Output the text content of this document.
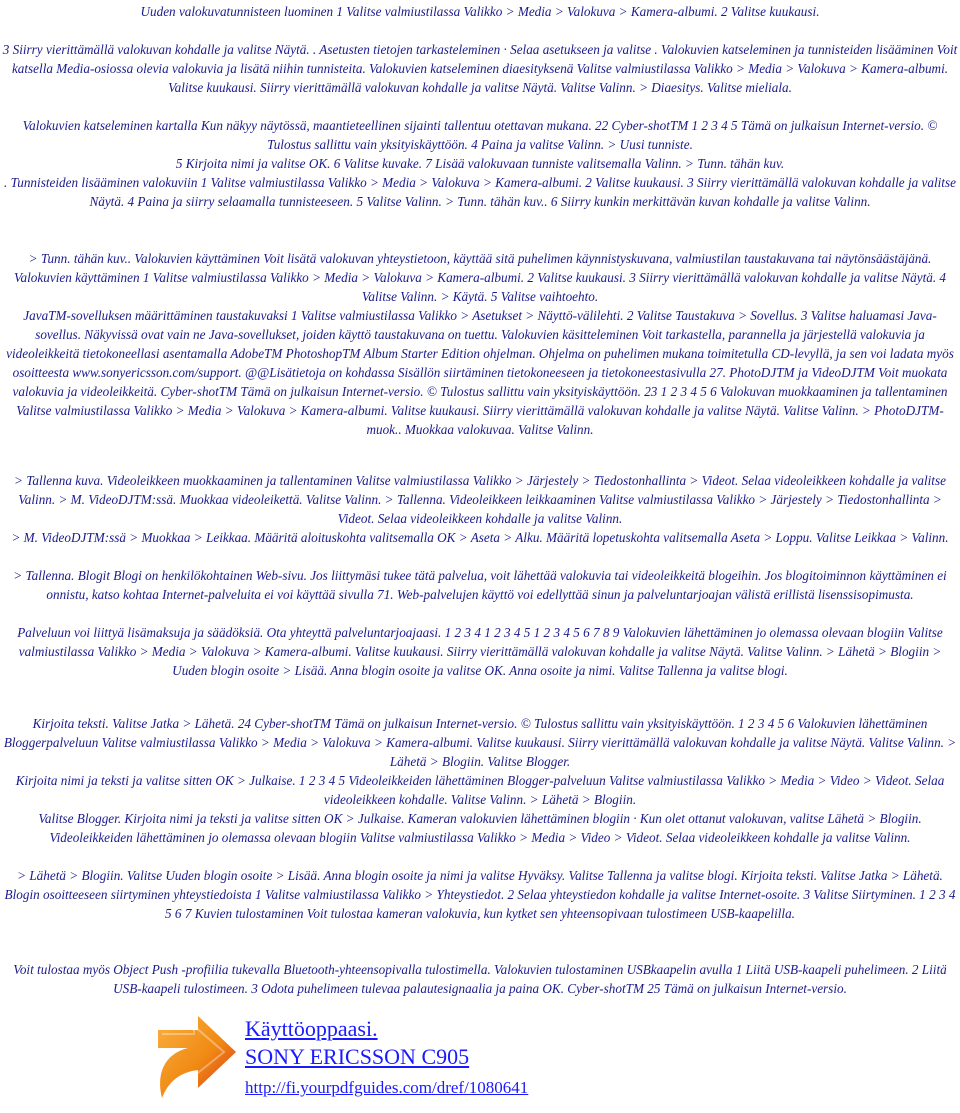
Uuden valokuvatunnisteen luominen 1 Valitse valmiustilassa Valikko > Media > Valokuva > Kamera-albumi. 2 Valitse kuukausi.

3 Siirry vierittämällä valokuvan kohdalle ja valitse Näytä. . Asetusten tietojen tarkasteleminen · Selaa asetukseen ja valitse . Valokuvien katseleminen ja tunnisteiden lisääminen Voit katsella Media-osiossa olevia valokuvia ja lisätä niihin tunnisteita. Valokuvien katseleminen diaesityksenä Valitse valmiustilassa Valikko > Media > Valokuva > Kamera-albumi. Valitse kuukausi. Siirry vierittämällä valokuvan kohdalle ja valitse Näytä. Valitse Valinn. > Diaesitys. Valitse mieliala.

Valokuvien katseleminen kartalla Kun näkyy näytössä, maantieteellinen sijainti tallentuu otettavan mukana. 22 Cyber-shotTM 1 2 3 4 5 Tämä on julkaisun Internet-versio. © Tulostus sallittu vain yksityiskäyttöön. 4 Paina ja valitse Valinn. > Uusi tunniste.

5 Kirjoita nimi ja valitse OK. 6 Valitse kuvake. 7 Lisää valokuvaan tunniste valitsemalla Valinn. > Tunn. tähän kuv.

. Tunnisteiden lisääminen valokuviin 1 Valitse valmiustilassa Valikko > Media > Valokuva > Kamera-albumi. 2 Valitse kuukausi. 3 Siirry vierittämällä valokuvan kohdalle ja valitse Näytä. 4 Paina ja siirry selaamalla tunnisteeseen. 5 Valitse Valinn. > Tunn. tähän kuv.. 6 Siirry kunkin merkittävän kuvan kohdalle ja valitse Valinn.

> Tunn. tähän kuv.. Valokuvien käyttäminen Voit lisätä valokuvan yhteystietoon, käyttää sitä puhelimen käynnistyskuvana, valmiustilan taustakuvana tai näytönsäästäjänä. Valokuvien käyttäminen 1 Valitse valmiustilassa Valikko > Media > Valokuva > Kamera-albumi. 2 Valitse kuukausi. 3 Siirry vierittämällä valokuvan kohdalle ja valitse Näytä. 4 Valitse Valinn. > Käytä. 5 Valitse vaihtoehto.

JavaTM-sovelluksen määrittäminen taustakuvaksi 1 Valitse valmiustilassa Valikko > Asetukset > Näyttö-välilehti. 2 Valitse Taustakuva > Sovellus. 3 Valitse haluamasi Java-sovellus. Näkyvissä ovat vain ne Java-sovellukset, joiden käyttö taustakuvana on tuettu. Valokuvien käsitteleminen Voit tarkastella, parannella ja järjestellä valokuvia ja videoleikkeitä tietokoneellasi asentamalla AdobeTM PhotoshopTM Album Starter Edition ohjelman. Ohjelma on puhelimen mukana toimitetulla CD-levyllä, ja sen voi ladata myös osoitteesta www.sonyericsson.com/support. @@Lisätietoja on kohdassa Sisällön siirtäminen tietokoneeseen ja tietokoneestasivulla 27. PhotoDJTM ja VideoDJTM Voit muokata valokuvia ja videoleikkeitä. Cyber-shotTM Tämä on julkaisun Internet-versio. © Tulostus sallittu vain yksityiskäyttöön. 23 1 2 3 4 5 6 Valokuvan muokkaaminen ja tallentaminen Valitse valmiustilassa Valikko > Media > Valokuva > Kamera-albumi. Valitse kuukausi. Siirry vierittämällä valokuvan kohdalle ja valitse Näytä. Valitse Valinn. > PhotoDJTM-muok.. Muokkaa valokuvaa. Valitse Valinn.

> Tallenna kuva. Videoleikkeen muokkaaminen ja tallentaminen Valitse valmiustilassa Valikko > Järjestely > Tiedostonhallinta > Videot. Selaa videoleikkeen kohdalle ja valitse Valinn. > M. VideoDJTM:ssä. Muokkaa videoleikettä. Valitse Valinn. > Tallenna. Videoleikkeen leikkaaminen Valitse valmiustilassa Valikko > Järjestely > Tiedostonhallinta > Videot. Selaa videoleikkeen kohdalle ja valitse Valinn.

> M. VideoDJTM:ssä > Muokkaa > Leikkaa. Määritä aloituskohta valitsemalla OK > Aseta > Alku. Määritä lopetuskohta valitsemalla Aseta > Loppu. Valitse Leikkaa > Valinn.

> Tallenna. Blogit Blogi on henkilökohtainen Web-sivu. Jos liittymäsi tukee tätä palvelua, voit lähettää valokuvia tai videoleikkeitä blogeihin. Jos blogitoiminnon käyttäminen ei onnistu, katso kohtaa Internet-palveluita ei voi käyttää sivulla 71. Web-palvelujen käyttö voi edellyttää sinun ja palveluntarjoajan välistä erillistä lisenssisopimusta.

Palveluun voi liittyä lisämaksuja ja säädöksiä. Ota yhteyttä palveluntarjoajaasi. 1 2 3 4 1 2 3 4 5 1 2 3 4 5 6 7 8 9 Valokuvien lähettäminen jo olemassa olevaan blogiin Valitse valmiustilassa Valikko > Media > Valokuva > Kamera-albumi. Valitse kuukausi. Siirry vierittämällä valokuvan kohdalle ja valitse Näytä. Valitse Valinn. > Lähetä > Blogiin > Uuden blogin osoite > Lisää. Anna blogin osoite ja valitse OK. Anna osoite ja nimi. Valitse Tallenna ja valitse blogi.

Kirjoita teksti. Valitse Jatka > Lähetä. 24 Cyber-shotTM Tämä on julkaisun Internet-versio. © Tulostus sallittu vain yksityiskäyttöön. 1 2 3 4 5 6 Valokuvien lähettäminen Bloggerpalveluun Valitse valmiustilassa Valikko > Media > Valokuva > Kamera-albumi. Valitse kuukausi. Siirry vierittämällä valokuvan kohdalle ja valitse Näytä. Valitse Valinn. > Lähetä > Blogiin. Valitse Blogger.

Kirjoita nimi ja teksti ja valitse sitten OK > Julkaise. 1 2 3 4 5 Videoleikkeiden lähettäminen Blogger-palveluun Valitse valmiustilassa Valikko > Media > Video > Videot. Selaa videoleikkeen kohdalle. Valitse Valinn. > Lähetä > Blogiin.

Valitse Blogger. Kirjoita nimi ja teksti ja valitse sitten OK > Julkaise. Kameran valokuvien lähettäminen blogiin · Kun olet ottanut valokuvan, valitse Lähetä > Blogiin. Videoleikkeiden lähettäminen jo olemassa olevaan blogiin Valitse valmiustilassa Valikko > Media > Video > Videot. Selaa videoleikkeen kohdalle ja valitse Valinn.

> Lähetä > Blogiin. Valitse Uuden blogin osoite > Lisää. Anna blogin osoite ja nimi ja valitse Hyväksy. Valitse Tallenna ja valitse blogi. Kirjoita teksti. Valitse Jatka > Lähetä. Blogin osoitteeseen siirtyminen yhteystiedoista 1 Valitse valmiustilassa Valikko > Yhteystiedot. 2 Selaa yhteystiedon kohdalle ja valitse Internet-osoite. 3 Valitse Siirtyminen. 1 2 3 4 5 6 7 Kuvien tulostaminen Voit tulostaa kameran valokuvia, kun kytket sen yhteensopivaan tulostimeen USB-kaapelilla.

Voit tulostaa myös Object Push -profiilia tukevalla Bluetooth-yhteensopivalla tulostimella. Valokuvien tulostaminen USBkaapelin avulla 1 Liitä USB-kaapeli puhelimeen. 2 Liitä USB-kaapeli tulostimeen. 3 Odota puhelimeen tulevaa palautesignaalia ja paina OK. Cyber-shotTM 25 Tämä on julkaisun Internet-versio.

Käyttöoppaasi.
SONY ERICSSON C905
http://fi.yourpdfguides.com/dref/1080641
